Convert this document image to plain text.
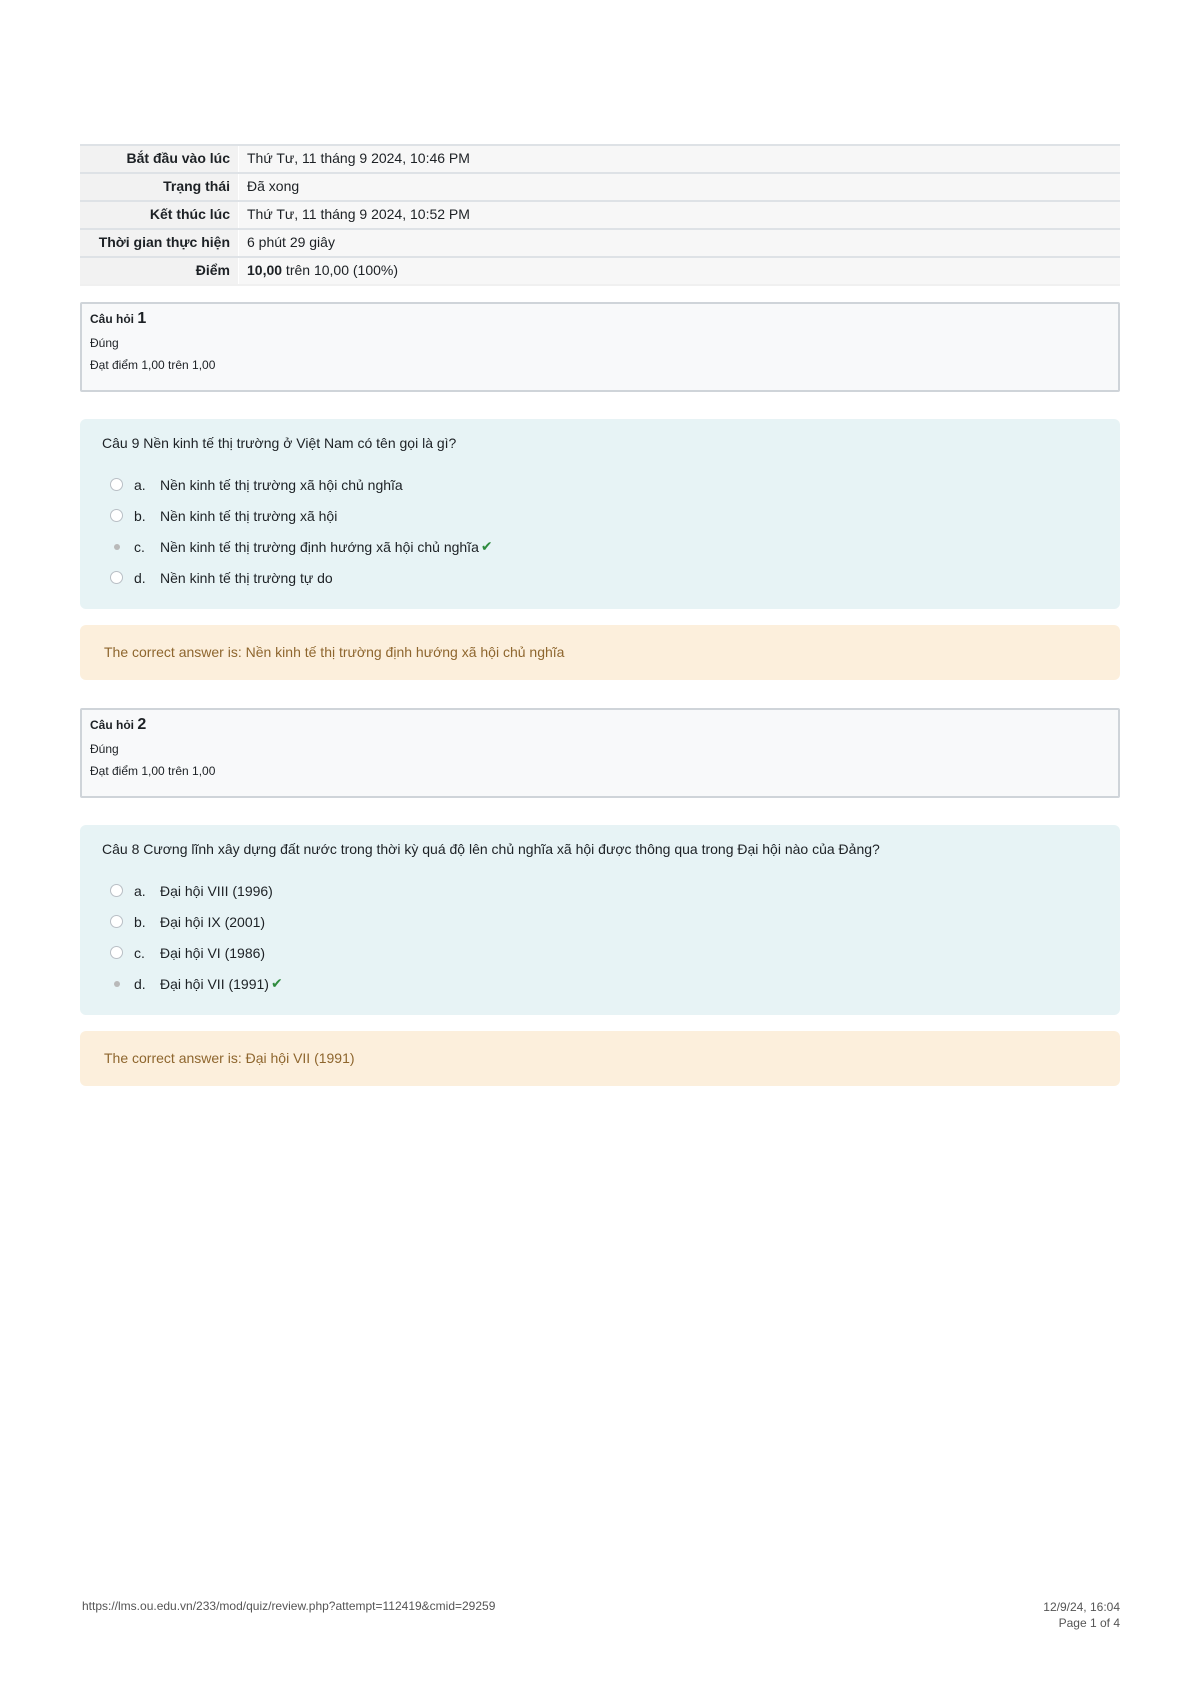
Bắt đầu vào lúc	Thứ Tư, 11 tháng 9 2024, 10:46 PM
Trạng thái	Đã xong
Kết thúc lúc	Thứ Tư, 11 tháng 9 2024, 10:52 PM
Thời gian thực hiện	6 phút 29 giây
Điểm	10,00 trên 10,00 (100%)
Câu hỏi 1
Đúng
Đạt điểm 1,00 trên 1,00
Câu 9 Nền kinh tế thị trường ở Việt Nam có tên gọi là gì?
a.	Nền kinh tế thị trường xã hội chủ nghĩa
b.	Nền kinh tế thị trường xã hội
c.	Nền kinh tế thị trường định hướng xã hội chủ nghĩa ✔
d.	Nền kinh tế thị trường tự do
The correct answer is: Nền kinh tế thị trường định hướng xã hội chủ nghĩa
Câu hỏi 2
Đúng
Đạt điểm 1,00 trên 1,00
Câu 8 Cương lĩnh xây dựng đất nước trong thời kỳ quá độ lên chủ nghĩa xã hội được thông qua trong Đại hội nào của Đảng?
a.	Đại hội VIII (1996)
b.	Đại hội IX (2001)
c.	Đại hội VI (1986)
d.	Đại hội VII (1991) ✔
The correct answer is: Đại hội VII (1991)
https://lms.ou.edu.vn/233/mod/quiz/review.php?attempt=112419&cmid=29259	12/9/24, 16:04
Page 1 of 4
